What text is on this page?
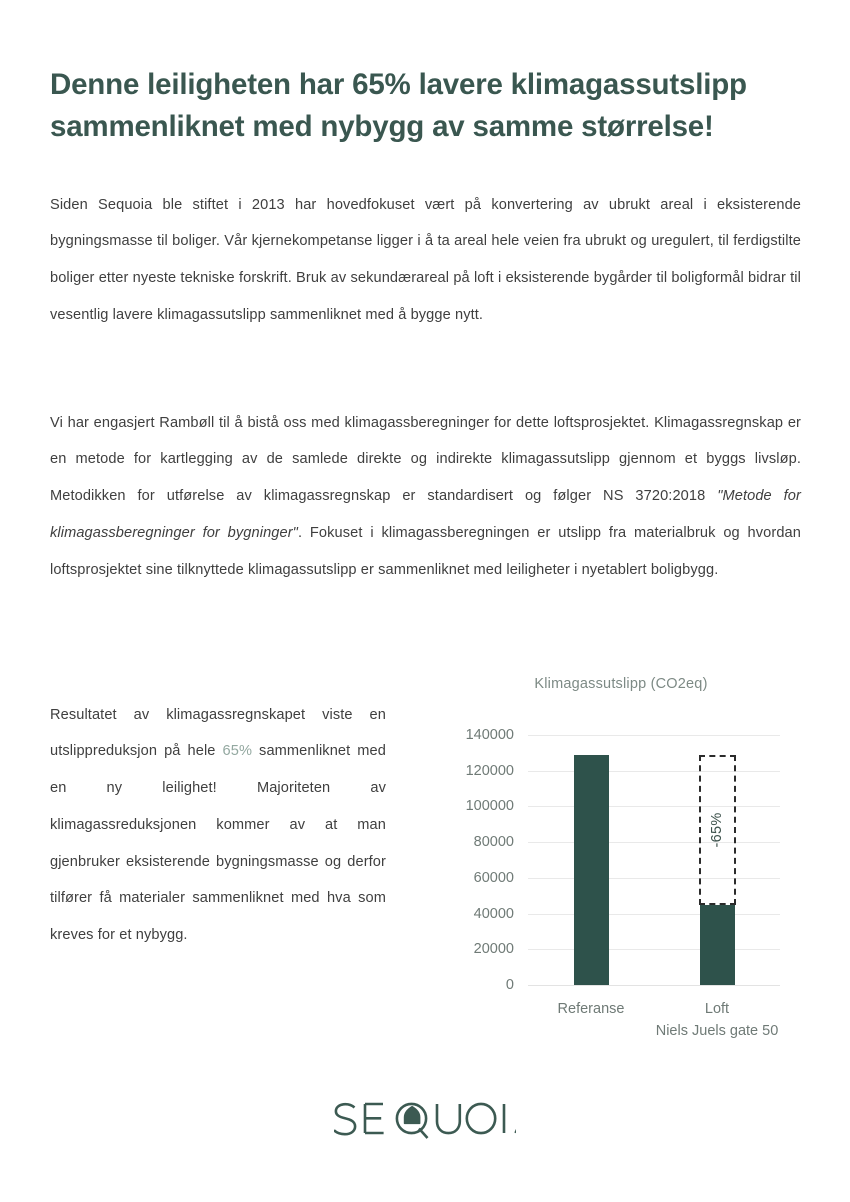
Denne leiligheten har 65% lavere klimagassutslipp sammenliknet med nybygg av samme størrelse!

Siden Sequoia ble stiftet i 2013 har hovedfokuset vært på konvertering av ubrukt areal i eksisterende bygningsmasse til boliger. Vår kjernekompetanse ligger i å ta areal hele veien fra ubrukt og uregulert, til ferdigstilte boliger etter nyeste tekniske forskrift. Bruk av sekundærareal på loft i eksisterende bygårder til boligformål bidrar til vesentlig lavere klimagassutslipp sammenliknet med å bygge nytt.

Vi har engasjert Rambøll til å bistå oss med klimagassberegninger for dette loftsprosjektet. Klimagassregnskap er en metode for kartlegging av de samlede direkte og indirekte klimagassutslipp gjennom et byggs livsløp. Metodikken for utførelse av klimagassregnskap er standardisert og følger NS 3720:2018 "Metode for klimagassberegninger for bygninger". Fokuset i klimagassberegningen er utslipp fra materialbruk og hvordan loftsprosjektet sine tilknyttede klimagassutslipp er sammenliknet med leiligheter i nyetablert boligbygg.

Resultatet av klimagassregnskapet viste en utslippreduksjon på hele 65% sammenliknet med en ny leilighet! Majoriteten av klimagassreduksjonen kommer av at man gjenbruker eksisterende bygningsmasse og derfor tilfører få materialer sammenliknet med hva som kreves for et nybygg.

Klimagassutslipp (CO2eq)
140000
120000
100000
80000
60000
40000
20000
0
Referanse	Loft
Niels Juels gate 50
-65%
